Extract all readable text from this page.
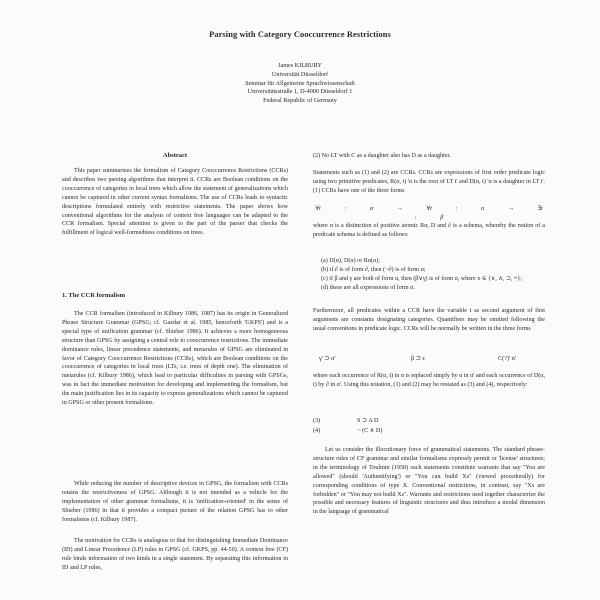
Parsing with Category Cooccurrence Restrictions
James KILBURY
Universität Düsseldorf
Seminar für Allgemeine Sprachwissenschaft
Universitätsstraße 1, D-4000 Düsseldorf 1
Federal Republic of Germany
Abstract

This paper summarizes the formalism of Category Cooccurrence Restrictions (CCRs) and describes two parsing algorithms that interpret it. CCRs are Boolean conditions on the cooccurrence of categories in local trees which allow the statement of generalizations which cannot be captured in other current syntax formalisms. The use of CCRs leads to syntactic descriptions formulated entirely with restrictive statements. The paper shows how conventional algorithms for the analysis of context free languages can be adapted to the CCR formalism. Special attention is given to the part of the parser that checks the fulfillment of logical well-formedness conditions on trees.

1. The CCR formalism

The CCR formalism (introduced in Kilbury 1986, 1987) has its origin in Generalized Phrase Structure Grammar (GPSG; cf. Gazdar et al. 1985, henceforth 'GKPS') and is a special type of unification grammar (cf. Shieber 1986). It achieves a more homogeneous structure than GPSG by assigning a central role to cooccurrence restrictions. The immediate dominance rules, linear precedence statements, and metarules of GPSG are eliminated in favor of Category Cooccurrence Restrictions (CCRs), which are Boolean conditions on the cooccurrence of categories in local trees (LTs, i.e. trees of depth one). The elimination of metarules (cf. Kilbury 1986), which lead to particular difficulties in parsing with GPSGs, was in fact the immediate motivation for developing and implementing the formalism, but the main justification lies in its capacity to express generalizations which cannot be captured in GPSG or other present formalisms.

While reducing the number of descriptive devices in GPSG, the formalism with CCRs retains the restrictiveness of GPSG. Although it is not intended as a vehicle for the implementation of other grammar formalisms, it is 'unification-oriented' in the sense of Shieber (1986) in that it provides a compact picture of the relation GPSG has to other formalisms (cf. Kilbury 1987).

The motivation for CCRs is analogous to that for distinguishing Immediate Dominance (ID) and Linear Precedence (LP) rules in GPSG (cf. GKPS, pp. 44-50). A context free (CF) rule binds information of two kinds in a single statement. By separating this information in ID and LP rules,

(2) No LT with C as a daughter also has D as a daughter.

Statements such as (1) and (2) are CCRs. CCRs are expressions of first order predicate logic using two primitive predicates, R(α, t) 'α is the root of LT t' and D(α, t) 'α is a daughter in LT t'. (1) CCRs have one of the three forms

∀t : α → ∀t : α → ∃t : β

where α is a distinction of positive atomic Rα, D and ∂ is a schema, whereby the notion of a predicate schema is defined as follows:

(a) D(α), D(α) or Rα(α);
(b) if ∂ is of form ∂, then (¬∂) is of form α;
(c) if β and γ are both of form α, then (β∨γ) is of form α, where x ∈ {∨, ∧, ⊃, ≡};
(d) these are all expressions of form α.

Furthermore, all predicates within a CCR have the variable t as second argument of first arguments are constants designating categories. Quantifiers may be omitted following the usual conventions in predicate logic. CCRs will be normally be written in the three forms

γ' ⊃ α'	β ⊃ ε	C(?)' α'

where each occurrence of R(α, t) in α is replaced simply by α in α' and each occurrence of D(α, t) by ∂ in α'. Using this notation, (1) and (2) may be restated as (3) and (4), respectively:

(3)	S ⊃ A D
(4)	¬ (C ∧ D)

Let us consider the illocutionary force of grammatical statements. The standard phrase-structure rules of CF grammar and similar formalisms expressly permit or 'license' structures; in the terminology of Toulmin (1958) such statements constitute warrants that say "You are allowed" (should 'Authentifying') or "You can build Xs" (viewed procedurally) for corresponding conditions of type X. Conventional restrictions, in contrast, say "Xs are forbidden" or "You may not build Xs". Warrants and restrictions used together characterize the possible and necessary features of linguistic structures and thus introduce a modal dimension in the language of grammatical
